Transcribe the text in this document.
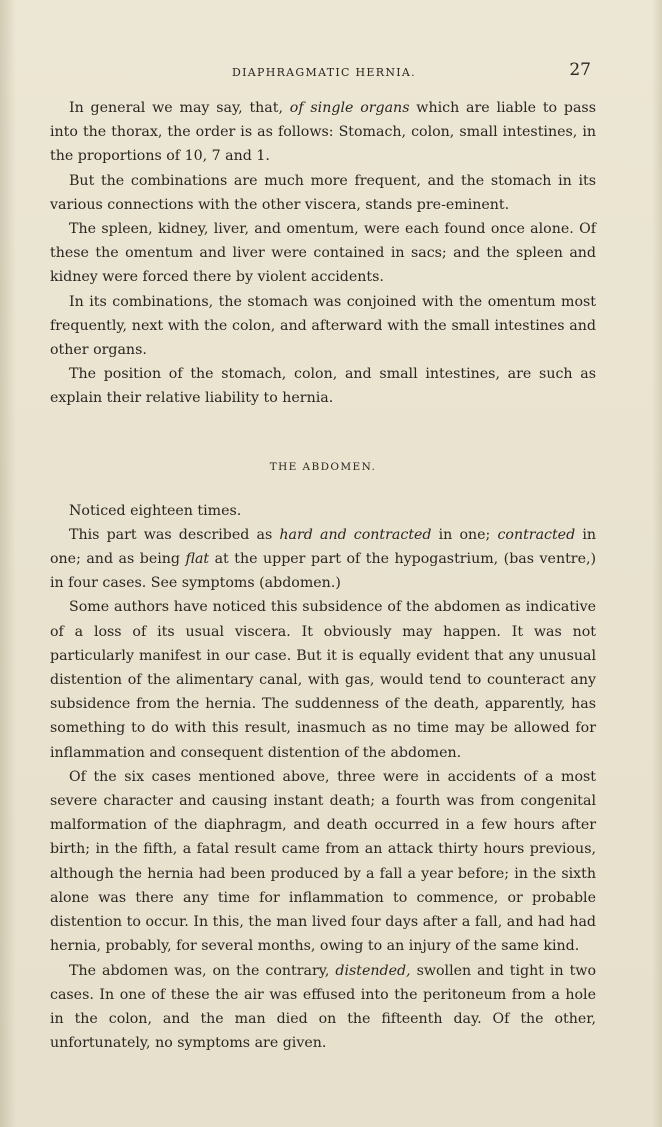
DIAPHRAGMATIC HERNIA.	27

In general we may say, that, of single organs which are liable to pass into the thorax, the order is as follows: Stomach, colon, small intestines, in the proportions of 10, 7 and 1.

But the combinations are much more frequent, and the stomach in its various connections with the other viscera, stands pre-eminent.

The spleen, kidney, liver, and omentum, were each found once alone. Of these the omentum and liver were contained in sacs; and the spleen and kidney were forced there by violent accidents.

In its combinations, the stomach was conjoined with the omentum most frequently, next with the colon, and afterward with the small intestines and other organs.

The position of the stomach, colon, and small intestines, are such as explain their relative liability to hernia.

THE ABDOMEN.

Noticed eighteen times.

This part was described as hard and contracted in one; contracted in one; and as being flat at the upper part of the hypogastrium, (bas ventre,) in four cases. See symptoms (abdomen.)

Some authors have noticed this subsidence of the abdomen as indicative of a loss of its usual viscera. It obviously may happen. It was not particularly manifest in our case. But it is equally evident that any unusual distention of the alimentary canal, with gas, would tend to counteract any subsidence from the hernia. The suddenness of the death, apparently, has something to do with this result, inasmuch as no time may be allowed for inflammation and consequent distention of the abdomen.

Of the six cases mentioned above, three were in accidents of a most severe character and causing instant death; a fourth was from congenital malformation of the diaphragm, and death occurred in a few hours after birth; in the fifth, a fatal result came from an attack thirty hours previous, although the hernia had been produced by a fall a year before; in the sixth alone was there any time for inflammation to commence, or probable distention to occur. In this, the man lived four days after a fall, and had had hernia, probably, for several months, owing to an injury of the same kind.

The abdomen was, on the contrary, distended, swollen and tight in two cases. In one of these the air was effused into the peritoneum from a hole in the colon, and the man died on the fifteenth day. Of the other, unfortunately, no symptoms are given.
